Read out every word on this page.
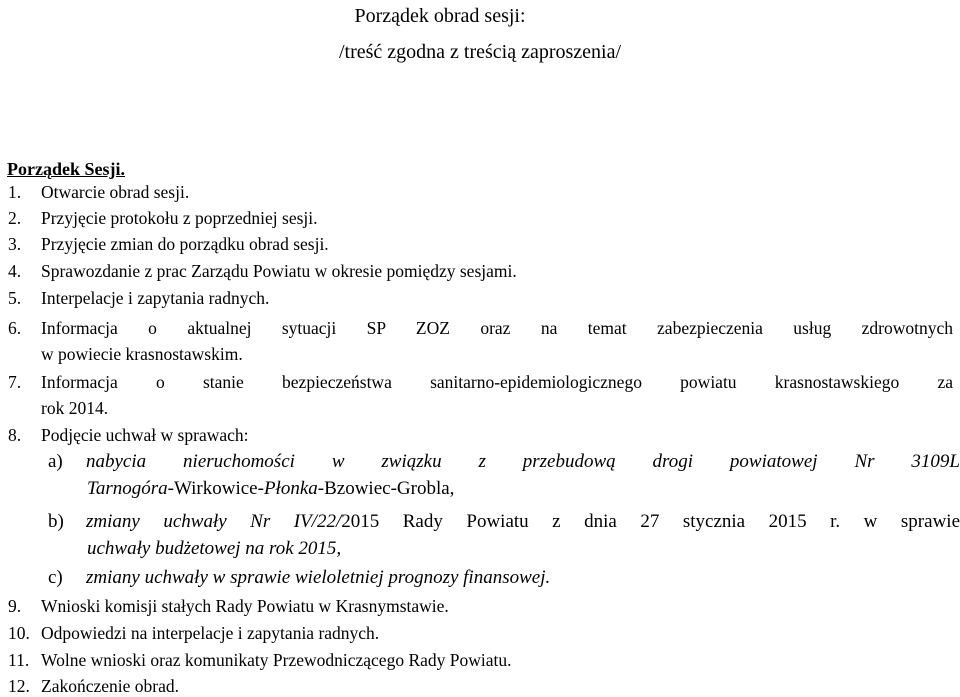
Porządek obrad sesji:
/treść zgodna z treścią zaproszenia/
Porządek Sesji.
1. Otwarcie obrad sesji.
2. Przyjęcie protokołu z poprzedniej sesji.
3. Przyjęcie zmian do porządku obrad sesji.
4. Sprawozdanie z prac Zarządu Powiatu w okresie pomiędzy sesjami.
5. Interpelacje i zapytania radnych.
6. Informacja o aktualnej sytuacji SP ZOZ oraz na temat zabezpieczenia usług zdrowotnych
w powiecie krasnostawskim.
7. Informacja o stanie bezpieczeństwa sanitarno-epidemiologicznego powiatu krasnostawskiego za
rok 2014.
8. Podjęcie uchwał w sprawach:
a) nabycia nieruchomości w związku z przebudową drogi powiatowej Nr 3109L
Tarnogóra-Wirkowice-Płonka-Bzowiec-Grobla,
b) zmiany uchwały Nr IV/22/2015 Rady Powiatu z dnia 27 stycznia 2015 r. w sprawie
uchwały budżetowej na rok 2015,
c) zmiany uchwały w sprawie wieloletniej prognozy finansowej.
9. Wnioski komisji stałych Rady Powiatu w Krasnymstawie.
10. Odpowiedzi na interpelacje i zapytania radnych.
11. Wolne wnioski oraz komunikaty Przewodniczącego Rady Powiatu.
12. Zakończenie obrad.
